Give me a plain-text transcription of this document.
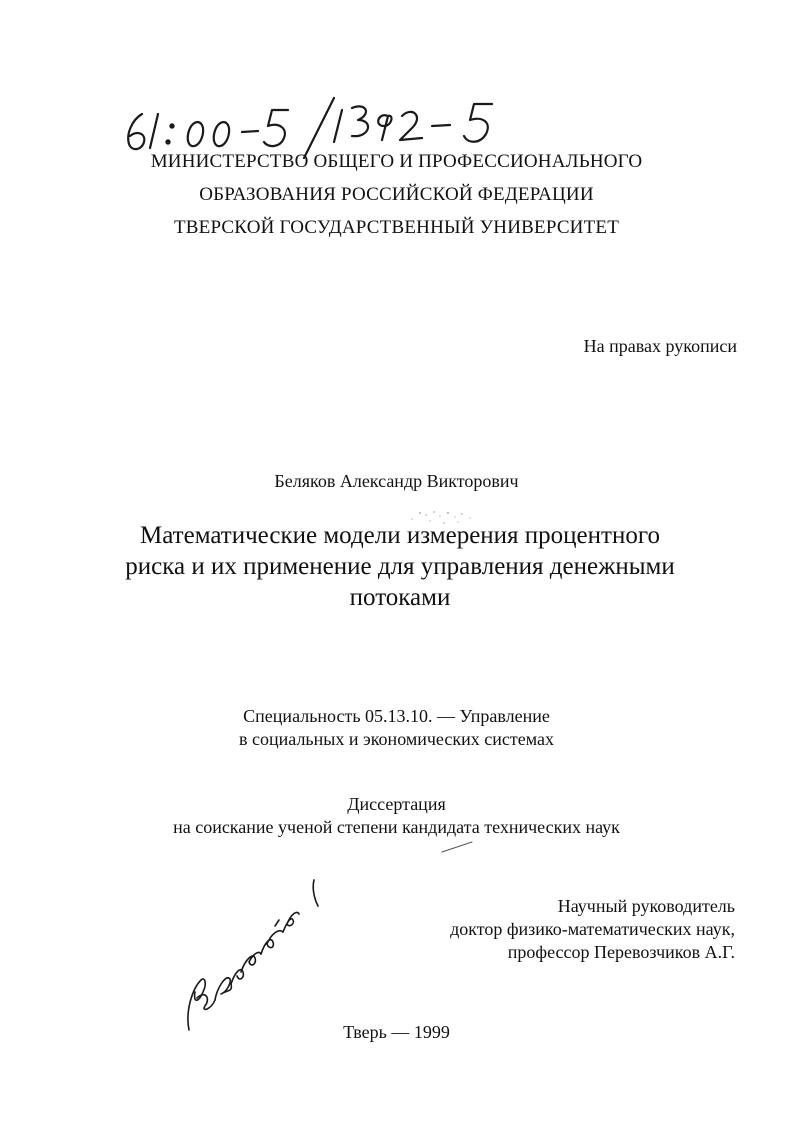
МИНИСТЕРСТВО ОБЩЕГО И ПРОФЕССИОНАЛЬНОГО
ОБРАЗОВАНИЯ РОССИЙСКОЙ ФЕДЕРАЦИИ
ТВЕРСКОЙ ГОСУДАРСТВЕННЫЙ УНИВЕРСИТЕТ
На правах рукописи
Беляков Александр Викторович
Математические модели измерения процентного
риска и их применение для управления денежными
потоками
Специальность 05.13.10. — Управление
в социальных и экономических системах
Диссертация
на соискание ученой степени кандидата технических наук
Научный руководитель
доктор физико-математических наук,
профессор Перевозчиков А.Г.
Тверь — 1999
